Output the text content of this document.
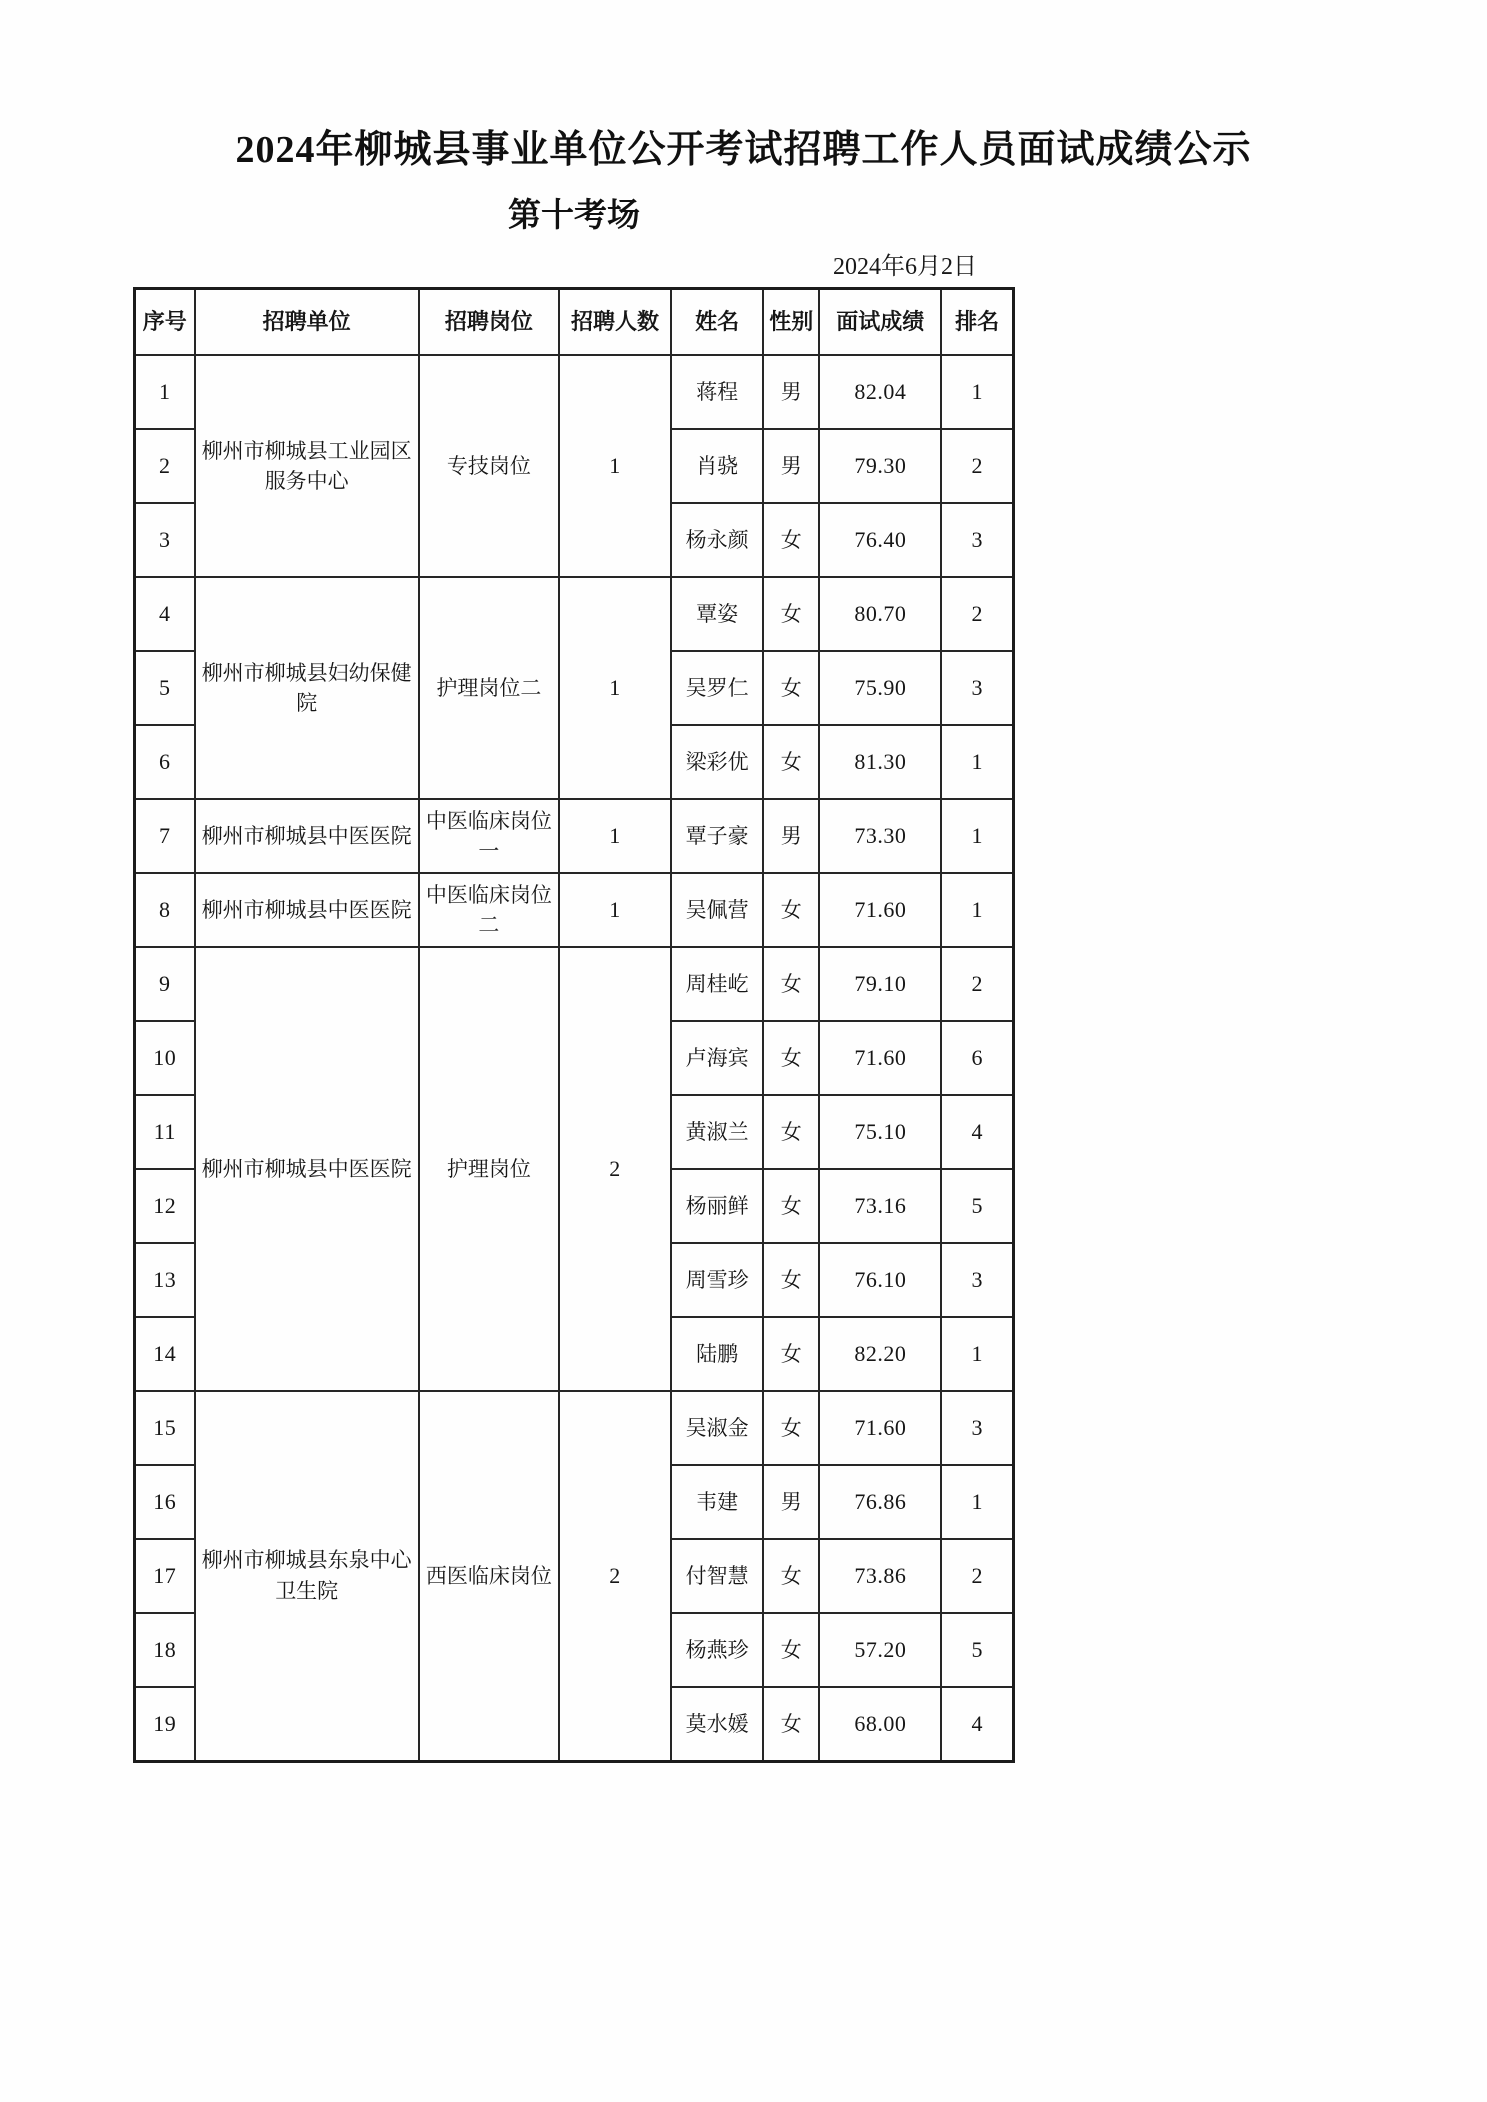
2024年柳城县事业单位公开考试招聘工作人员面试成绩公示
第十考场
2024年6月2日
序号	招聘单位	招聘岗位	招聘人数	姓名	性别	面试成绩	排名
1	柳州市柳城县工业园区服务中心	专技岗位	1	蒋程	男	82.04	1
2				肖骁	男	79.30	2
3				杨永颜	女	76.40	3
4	柳州市柳城县妇幼保健院	护理岗位二	1	覃姿	女	80.70	2
5				吴罗仁	女	75.90	3
6				梁彩优	女	81.30	1
7	柳州市柳城县中医医院	中医临床岗位一	1	覃子豪	男	73.30	1
8	柳州市柳城县中医医院	中医临床岗位二	1	吴佩营	女	71.60	1
9	柳州市柳城县中医医院	护理岗位	2	周桂屹	女	79.10	2
10				卢海宾	女	71.60	6
11				黄淑兰	女	75.10	4
12				杨丽鲜	女	73.16	5
13				周雪珍	女	76.10	3
14				陆鹏	女	82.20	1
15	柳州市柳城县东泉中心卫生院	西医临床岗位	2	吴淑金	女	71.60	3
16				韦建	男	76.86	1
17				付智慧	女	73.86	2
18				杨燕珍	女	57.20	5
19				莫水媛	女	68.00	4
